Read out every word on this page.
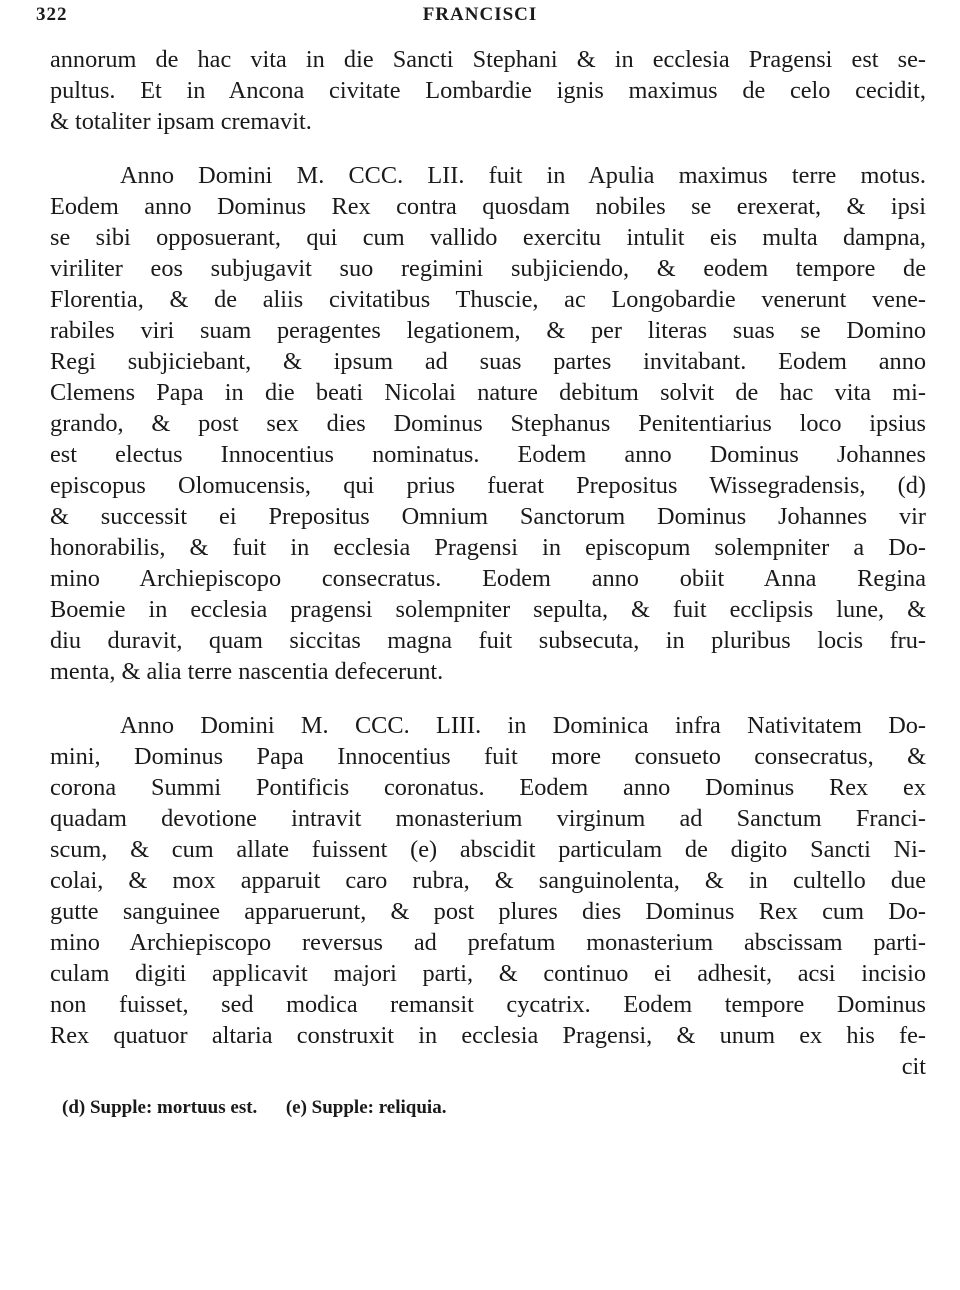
322	FRANCISCI
annorum de hac vita in die Sancti Stephani & in ecclesia Pragensi est se-
pultus. Et in Ancona civitate Lombardie ignis maximus de celo cecidit,
& totaliter ipsam cremavit.
Anno Domini M. CCC. LII. fuit in Apulia maximus terre motus.
Eodem anno Dominus Rex contra quosdam nobiles se erexerat, & ipsi
se sibi opposuerant, qui cum vallido exercitu intulit eis multa dampna,
viriliter eos subjugavit suo regimini subjiciendo, & eodem tempore de
Florentia, & de aliis civitatibus Thuscie, ac Longobardie venerunt vene-
rabiles viri suam peragentes legationem, & per literas suas se Domino
Regi subjiciebant, & ipsum ad suas partes invitabant. Eodem anno
Clemens Papa in die beati Nicolai nature debitum solvit de hac vita mi-
grando, & post sex dies Dominus Stephanus Penitentiarius loco ipsius
est electus Innocentius nominatus. Eodem anno Dominus Johannes
episcopus Olomucensis, qui prius fuerat Prepositus Wissegradensis, (d)
& successit ei Prepositus Omnium Sanctorum Dominus Johannes vir
honorabilis, & fuit in ecclesia Pragensi in episcopum solempniter a Do-
mino Archiepiscopo consecratus. Eodem anno obiit Anna Regina
Boemie in ecclesia pragensi solempniter sepulta, & fuit ecclipsis lune, &
diu duravit, quam siccitas magna fuit subsecuta, in pluribus locis fru-
menta, & alia terre nascentia defecerunt.
Anno Domini M. CCC. LIII. in Dominica infra Nativitatem Do-
mini, Dominus Papa Innocentius fuit more consueto consecratus, &
corona Summi Pontificis coronatus. Eodem anno Dominus Rex ex
quadam devotione intravit monasterium virginum ad Sanctum Franci-
scum, & cum allate fuissent (e) abscidit particulam de digito Sancti Ni-
colai, & mox apparuit caro rubra, & sanguinolenta, & in cultello due
gutte sanguinee apparuerunt, & post plures dies Dominus Rex cum Do-
mino Archiepiscopo reversus ad prefatum monasterium abscissam parti-
culam digiti applicavit majori parti, & continuo ei adhesit, acsi incisio
non fuisset, sed modica remansit cycatrix. Eodem tempore Dominus
Rex quatuor altaria construxit in ecclesia Pragensi, & unum ex his fe-
cit
(d) Supple: mortuus est. (e) Supple: reliquia.
